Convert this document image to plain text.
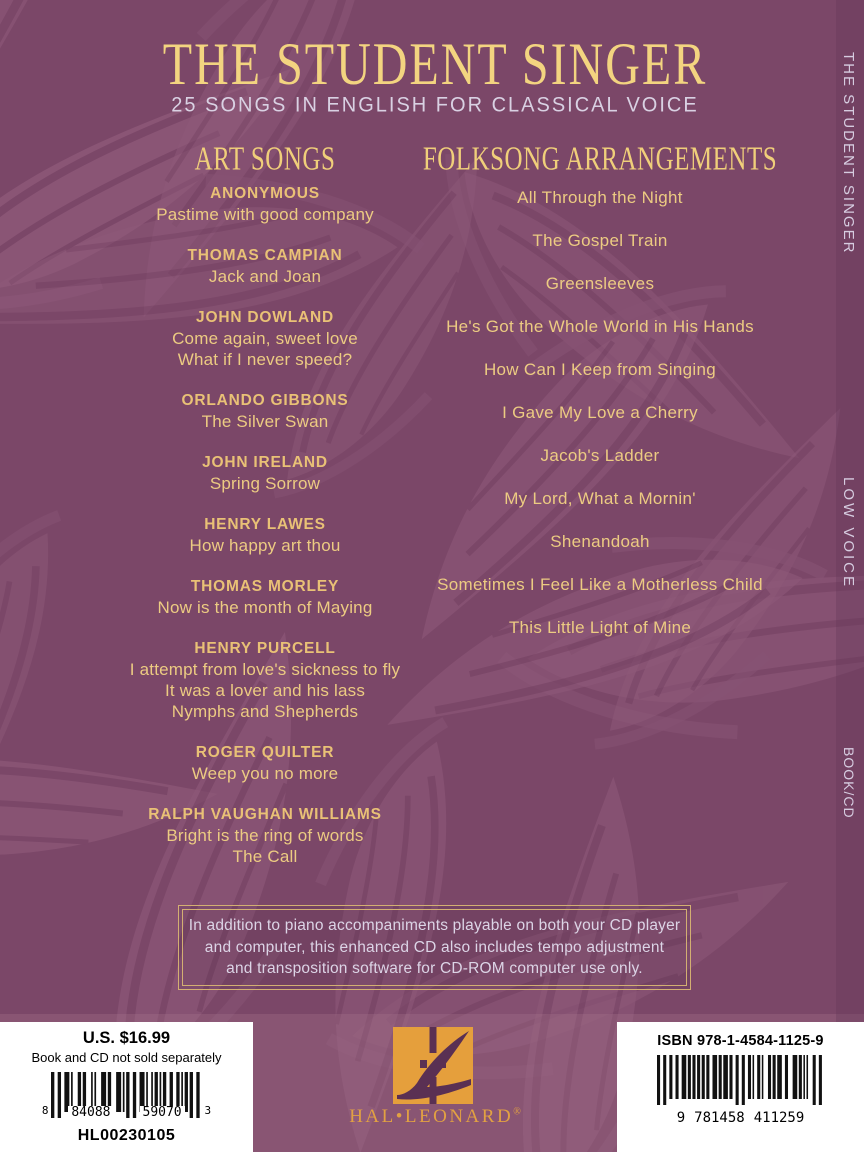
THE STUDENT SINGER
25 SONGS IN ENGLISH FOR CLASSICAL VOICE
ART SONGS	FOLKSONG ARRANGEMENTS
ANONYMOUS
Pastime with good company
THOMAS CAMPIAN
Jack and Joan
JOHN DOWLAND
Come again, sweet love
What if I never speed?
ORLANDO GIBBONS
The Silver Swan
JOHN IRELAND
Spring Sorrow
HENRY LAWES
How happy art thou
THOMAS MORLEY
Now is the month of Maying
HENRY PURCELL
I attempt from love's sickness to fly
It was a lover and his lass
Nymphs and Shepherds
ROGER QUILTER
Weep you no more
RALPH VAUGHAN WILLIAMS
Bright is the ring of words
The Call
All Through the Night
The Gospel Train
Greensleeves
He's Got the Whole World in His Hands
How Can I Keep from Singing
I Gave My Love a Cherry
Jacob's Ladder
My Lord, What a Mornin'
Shenandoah
Sometimes I Feel Like a Motherless Child
This Little Light of Mine
THE STUDENT SINGER
LOW VOICE
BOOK/CD
In addition to piano accompaniments playable on both your CD player
and computer, this enhanced CD also includes tempo adjustment
and transposition software for CD-ROM computer use only.
U.S. $16.99
Book and CD not sold separately
8	3
84088 59070
HL00230105
HAL•LEONARD®
ISBN 978-1-4584-1125-9
9 781458 411259
